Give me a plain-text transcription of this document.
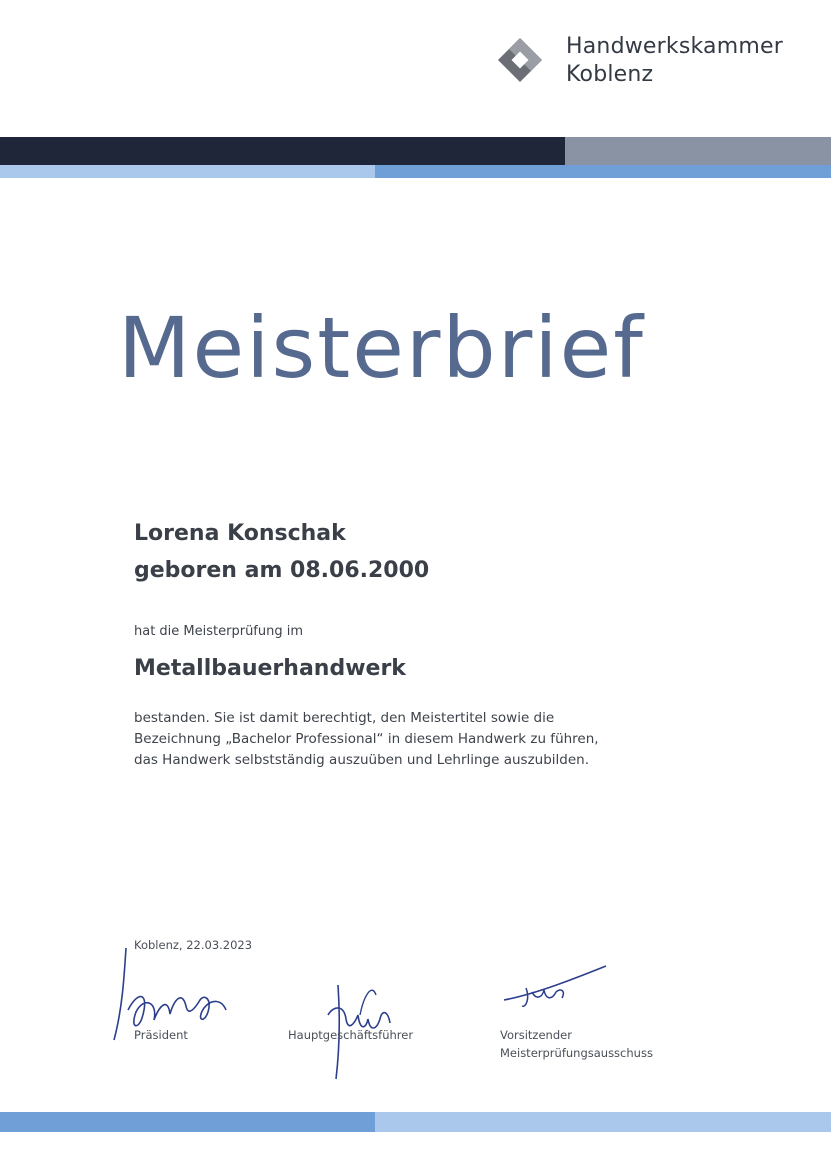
Handwerkskammer
Koblenz
Meisterbrief
Lorena Konschak
geboren am 08.06.2000
hat die Meisterprüfung im
Metallbauerhandwerk
bestanden. Sie ist damit berechtigt, den Meistertitel sowie die
Bezeichnung „Bachelor Professional“ in diesem Handwerk zu führen,
das Handwerk selbstständig auszuüben und Lehrlinge auszubilden.
Koblenz, 22.03.2023
Präsident	Hauptgeschäftsführer	Vorsitzender
Meisterprüfungsausschuss
